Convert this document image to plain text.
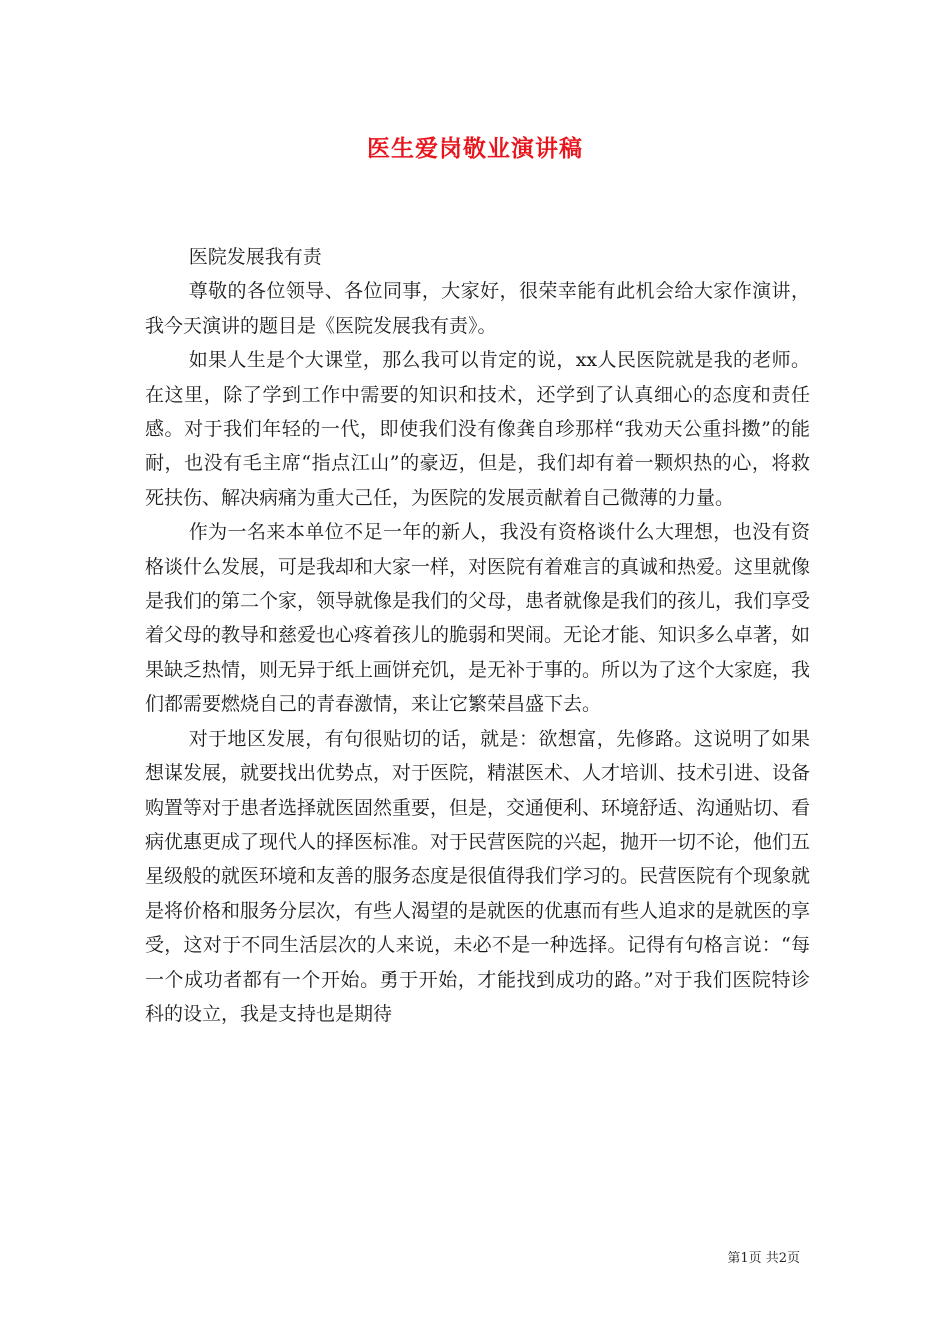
医生爱岗敬业演讲稿

医院发展我有责

尊敬的各位领导、各位同事，大家好，很荣幸能有此机会给大家作演讲，我今天演讲的题目是《医院发展我有责》。

如果人生是个大课堂，那么我可以肯定的说，xx人民医院就是我的老师。在这里，除了学到工作中需要的知识和技术，还学到了认真细心的态度和责任感。对于我们年轻的一代，即使我们没有像龚自珍那样“我劝天公重抖擞”的能耐，也没有毛主席“指点江山”的豪迈，但是，我们却有着一颗炽热的心，将救死扶伤、解决病痛为重大己任，为医院的发展贡献着自己微薄的力量。

作为一名来本单位不足一年的新人，我没有资格谈什么大理想，也没有资格谈什么发展，可是我却和大家一样，对医院有着难言的真诚和热爱。这里就像是我们的第二个家，领导就像是我们的父母，患者就像是我们的孩儿，我们享受着父母的教导和慈爱也心疼着孩儿的脆弱和哭闹。无论才能、知识多么卓著，如果缺乏热情，则无异于纸上画饼充饥，是无补于事的。所以为了这个大家庭，我们都需要燃烧自己的青春激情，来让它繁荣昌盛下去。

对于地区发展，有句很贴切的话，就是：欲想富，先修路。这说明了如果想谋发展，就要找出优势点，对于医院，精湛医术、人才培训、技术引进、设备购置等对于患者选择就医固然重要，但是，交通便利、环境舒适、沟通贴切、看病优惠更成了现代人的择医标准。对于民营医院的兴起，抛开一切不论，他们五星级般的就医环境和友善的服务态度是很值得我们学习的。民营医院有个现象就是将价格和服务分层次，有些人渴望的是就医的优惠而有些人追求的是就医的享受，这对于不同生活层次的人来说，未必不是一种选择。记得有句格言说：“每一个成功者都有一个开始。勇于开始，才能找到成功的路。”对于我们医院特诊科的设立，我是支持也是期待

第1页 共2页
